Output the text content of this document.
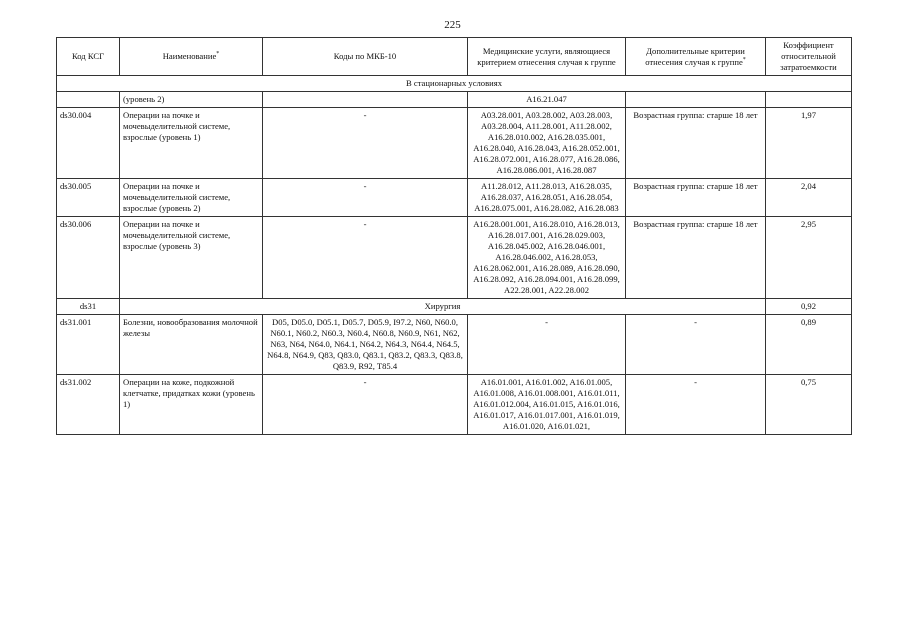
225
Код КСГ	Наименование*	Коды по МКБ-10	Медицинские услуги, являющиеся критерием отнесения случая к группе	Дополнительные критерии отнесения случая к группе*	Коэффициент относительной затратоемкости
В стационарных условиях					
	(уровень 2)		A16.21.047		
ds30.004	Операции на почке и мочевыделительной системе, взрослые (уровень 1)	-	A03.28.001, A03.28.002, A03.28.003, A03.28.004, A11.28.001, A11.28.002, A16.28.010.002, A16.28.035.001, A16.28.040, A16.28.043, A16.28.052.001, A16.28.072.001, A16.28.077, A16.28.086, A16.28.086.001, A16.28.087	Возрастная группа: старше 18 лет	1,97
ds30.005	Операции на почке и мочевыделительной системе, взрослые (уровень 2)	-	A11.28.012, A11.28.013, A16.28.035, A16.28.037, A16.28.051, A16.28.054, A16.28.075.001, A16.28.082, A16.28.083	Возрастная группа: старше 18 лет	2,04
ds30.006	Операции на почке и мочевыделительной системе, взрослые (уровень 3)	-	A16.28.001.001, A16.28.010, A16.28.013, A16.28.017.001, A16.28.029.003, A16.28.045.002, A16.28.046.001, A16.28.046.002, A16.28.053, A16.28.062.001, A16.28.089, A16.28.090, A16.28.092, A16.28.094.001, A16.28.099, A22.28.001, A22.28.002	Возрастная группа: старше 18 лет	2,95
ds31	Хирургия				0,92
ds31.001	Болезни, новообразования молочной железы	D05, D05.0, D05.1, D05.7, D05.9, I97.2, N60, N60.0, N60.1, N60.2, N60.3, N60.4, N60.8, N60.9, N61, N62, N63, N64, N64.0, N64.1, N64.2, N64.3, N64.4, N64.5, N64.8, N64.9, Q83, Q83.0, Q83.1, Q83.2, Q83.3, Q83.8, Q83.9, R92, T85.4	-	-	0,89
ds31.002	Операции на коже, подкожной клетчатке, придатках кожи (уровень 1)	-	A16.01.001, A16.01.002, A16.01.005, A16.01.008, A16.01.008.001, A16.01.011, A16.01.012.004, A16.01.015, A16.01.016, A16.01.017, A16.01.017.001, A16.01.019, A16.01.020, A16.01.021,	-	0,75
